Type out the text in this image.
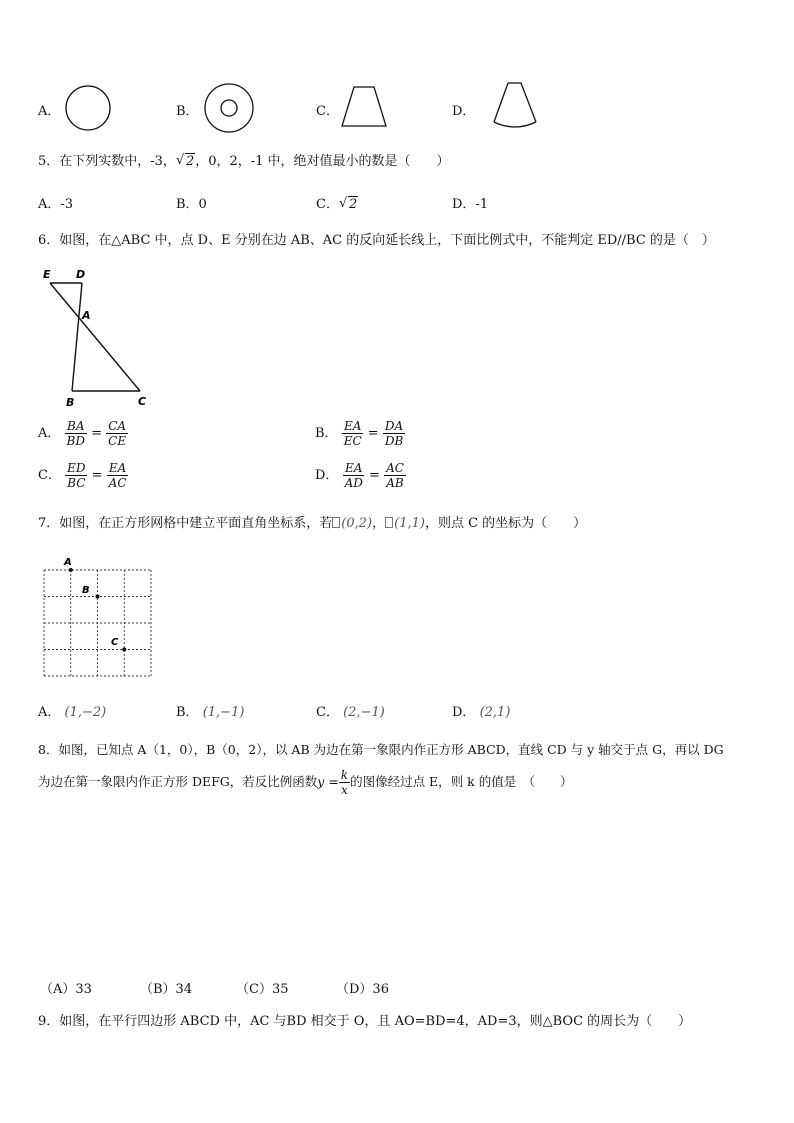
A．	B．	C．	D．
5．在下列实数中，-3， √ 2，0，2，-1 中，绝对值最小的数是（　　）
A．-3	B．0	C． √ 2	D．-1
6．如图，在△ABC 中，点 D、E 分别在边 AB、AC 的反向延长线上，下面比例式中，不能判定 ED//BC 的是（　）
E D
A
B	C
A． $\frac{BA}{BD} = \frac{CA}{CE}$	B． $\frac{EA}{EC} = \frac{DA}{DB}$
C． $\frac{ED}{BC} = \frac{EA}{AC}$	D． $\frac{EA}{AD} = \frac{AC}{AB}$
7．如图，在正方形网格中建立平面直角坐标系，若 (0,2)， (1,1)，则点 C 的坐标为（　　）
A
B
C
A． (1,−2)	B． (1,−1)	C． (2,−1)	D． (2,1)
8．如图，已知点 A（1，0），B（0，2），以 AB 为边在第一象限内作正方形 ABCD，直线 CD 与 y 轴交于点 G，再以 DG
为边在第一象限内作正方形 DEFG，若反比例函数$y = \frac{k}{x}$ 的图像经过点 E，则 k 的值是　（　　）
（A）33	（B）34	（C）35	（D）36
9．如图，在平行四边形 ABCD 中，AC 与BD 相交于 O，且 AO=BD=4，AD=3，则△BOC 的周长为（　　）
